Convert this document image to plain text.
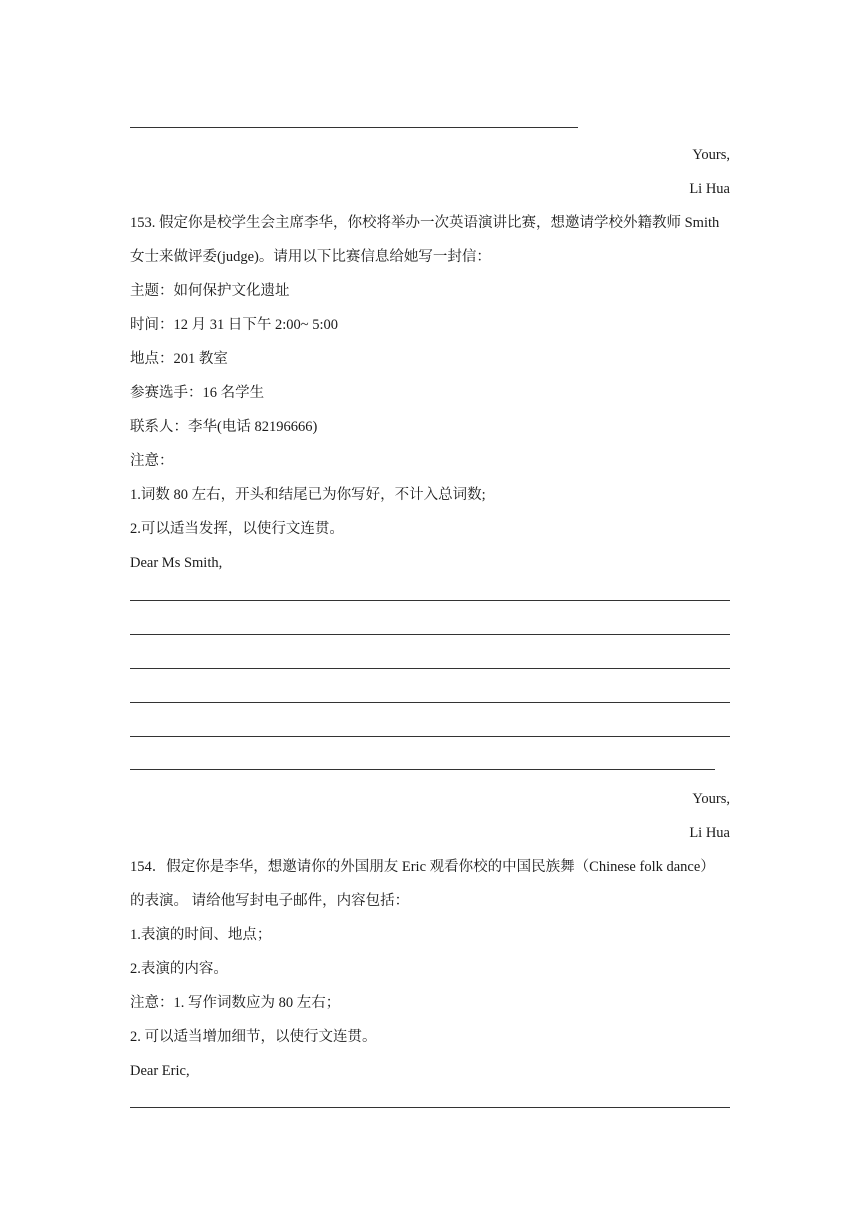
Yours,
Li Hua
153. 假定你是校学生会主席李华，你校将举办一次英语演讲比赛，想邀请学校外籍教师 Smith
女士来做评委(judge)。请用以下比赛信息给她写一封信：
主题：如何保护文化遗址
时间：12 月 31 日下午 2:00~ 5:00
地点：201 教室
参赛选手：16 名学生
联系人：李华(电话 82196666)
注意：
1.词数 80 左右，开头和结尾已为你写好，不计入总词数;
2.可以适当发挥，以使行文连贯。
Dear Ms Smith,
Yours,
Li Hua
154．假定你是李华，想邀请你的外国朋友 Eric 观看你校的中国民族舞（Chinese folk dance）
的表演。 请给他写封电子邮件，内容包括：
1.表演的时间、地点；
2.表演的内容。
注意：1. 写作词数应为 80 左右；
2. 可以适当增加细节，以使行文连贯。
Dear Eric,
